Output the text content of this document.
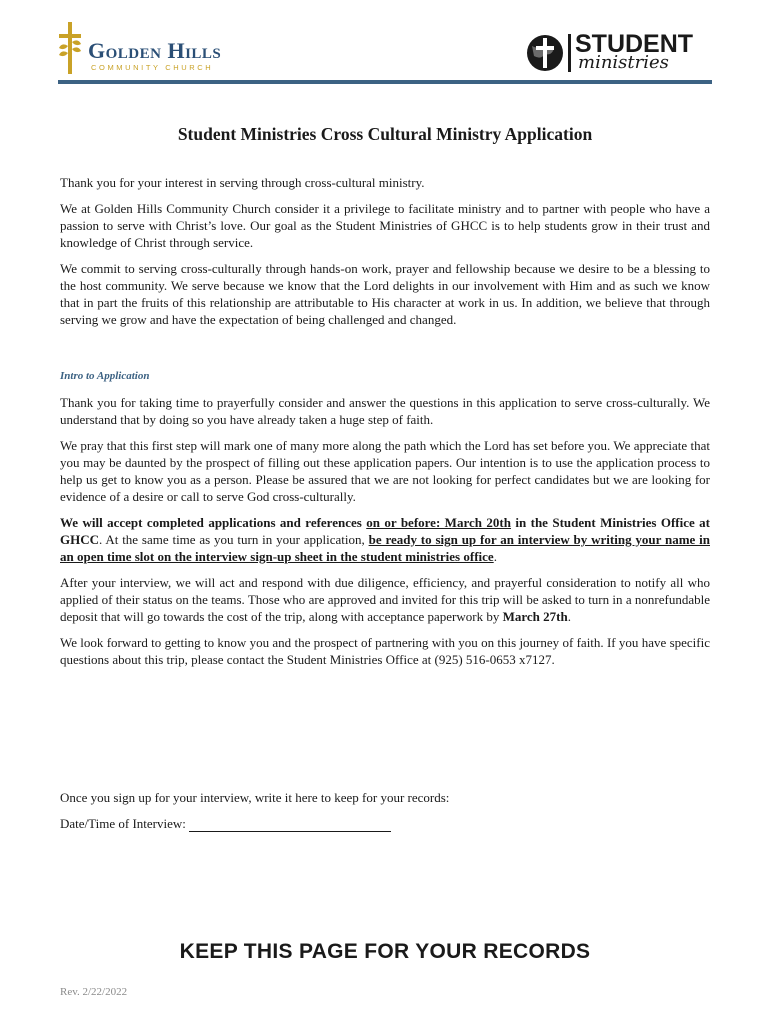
Golden Hills
COMMUNITY CHURCH
STUDENT
ministries
Student Ministries Cross Cultural Ministry Application

Thank you for your interest in serving through cross-cultural ministry.

We at Golden Hills Community Church consider it a privilege to facilitate ministry and to partner with people who have a passion to serve with Christ’s love. Our goal as the Student Ministries of GHCC is to help students grow in their trust and knowledge of Christ through service.

We commit to serving cross-culturally through hands-on work, prayer and fellowship because we desire to be a blessing to the host community. We serve because we know that the Lord delights in our involvement with Him and as such we know that in part the fruits of this relationship are attributable to His character at work in us. In addition, we believe that through serving we grow and have the expectation of being challenged and changed.

Intro to Application

Thank you for taking time to prayerfully consider and answer the questions in this application to serve cross-culturally. We understand that by doing so you have already taken a huge step of faith.

We pray that this first step will mark one of many more along the path which the Lord has set before you. We appreciate that you may be daunted by the prospect of filling out these application papers. Our intention is to use the application process to help us get to know you as a person. Please be assured that we are not looking for perfect candidates but we are looking for evidence of a desire or call to serve God cross-culturally.

We will accept completed applications and references on or before: March 20th in the Student Ministries Office at GHCC. At the same time as you turn in your application, be ready to sign up for an interview by writing your name in an open time slot on the interview sign-up sheet in the student ministries office.

After your interview, we will act and respond with due diligence, efficiency, and prayerful consideration to notify all who applied of their status on the teams. Those who are approved and invited for this trip will be asked to turn in a nonrefundable deposit that will go towards the cost of the trip, along with acceptance paperwork by March 27th.

We look forward to getting to know you and the prospect of partnering with you on this journey of faith. If you have specific questions about this trip, please contact the Student Ministries Office at (925) 516-0653 x7127.

Once you sign up for your interview, write it here to keep for your records:
Date/Time of Interview:
KEEP THIS PAGE FOR YOUR RECORDS
Rev. 2/22/2022
